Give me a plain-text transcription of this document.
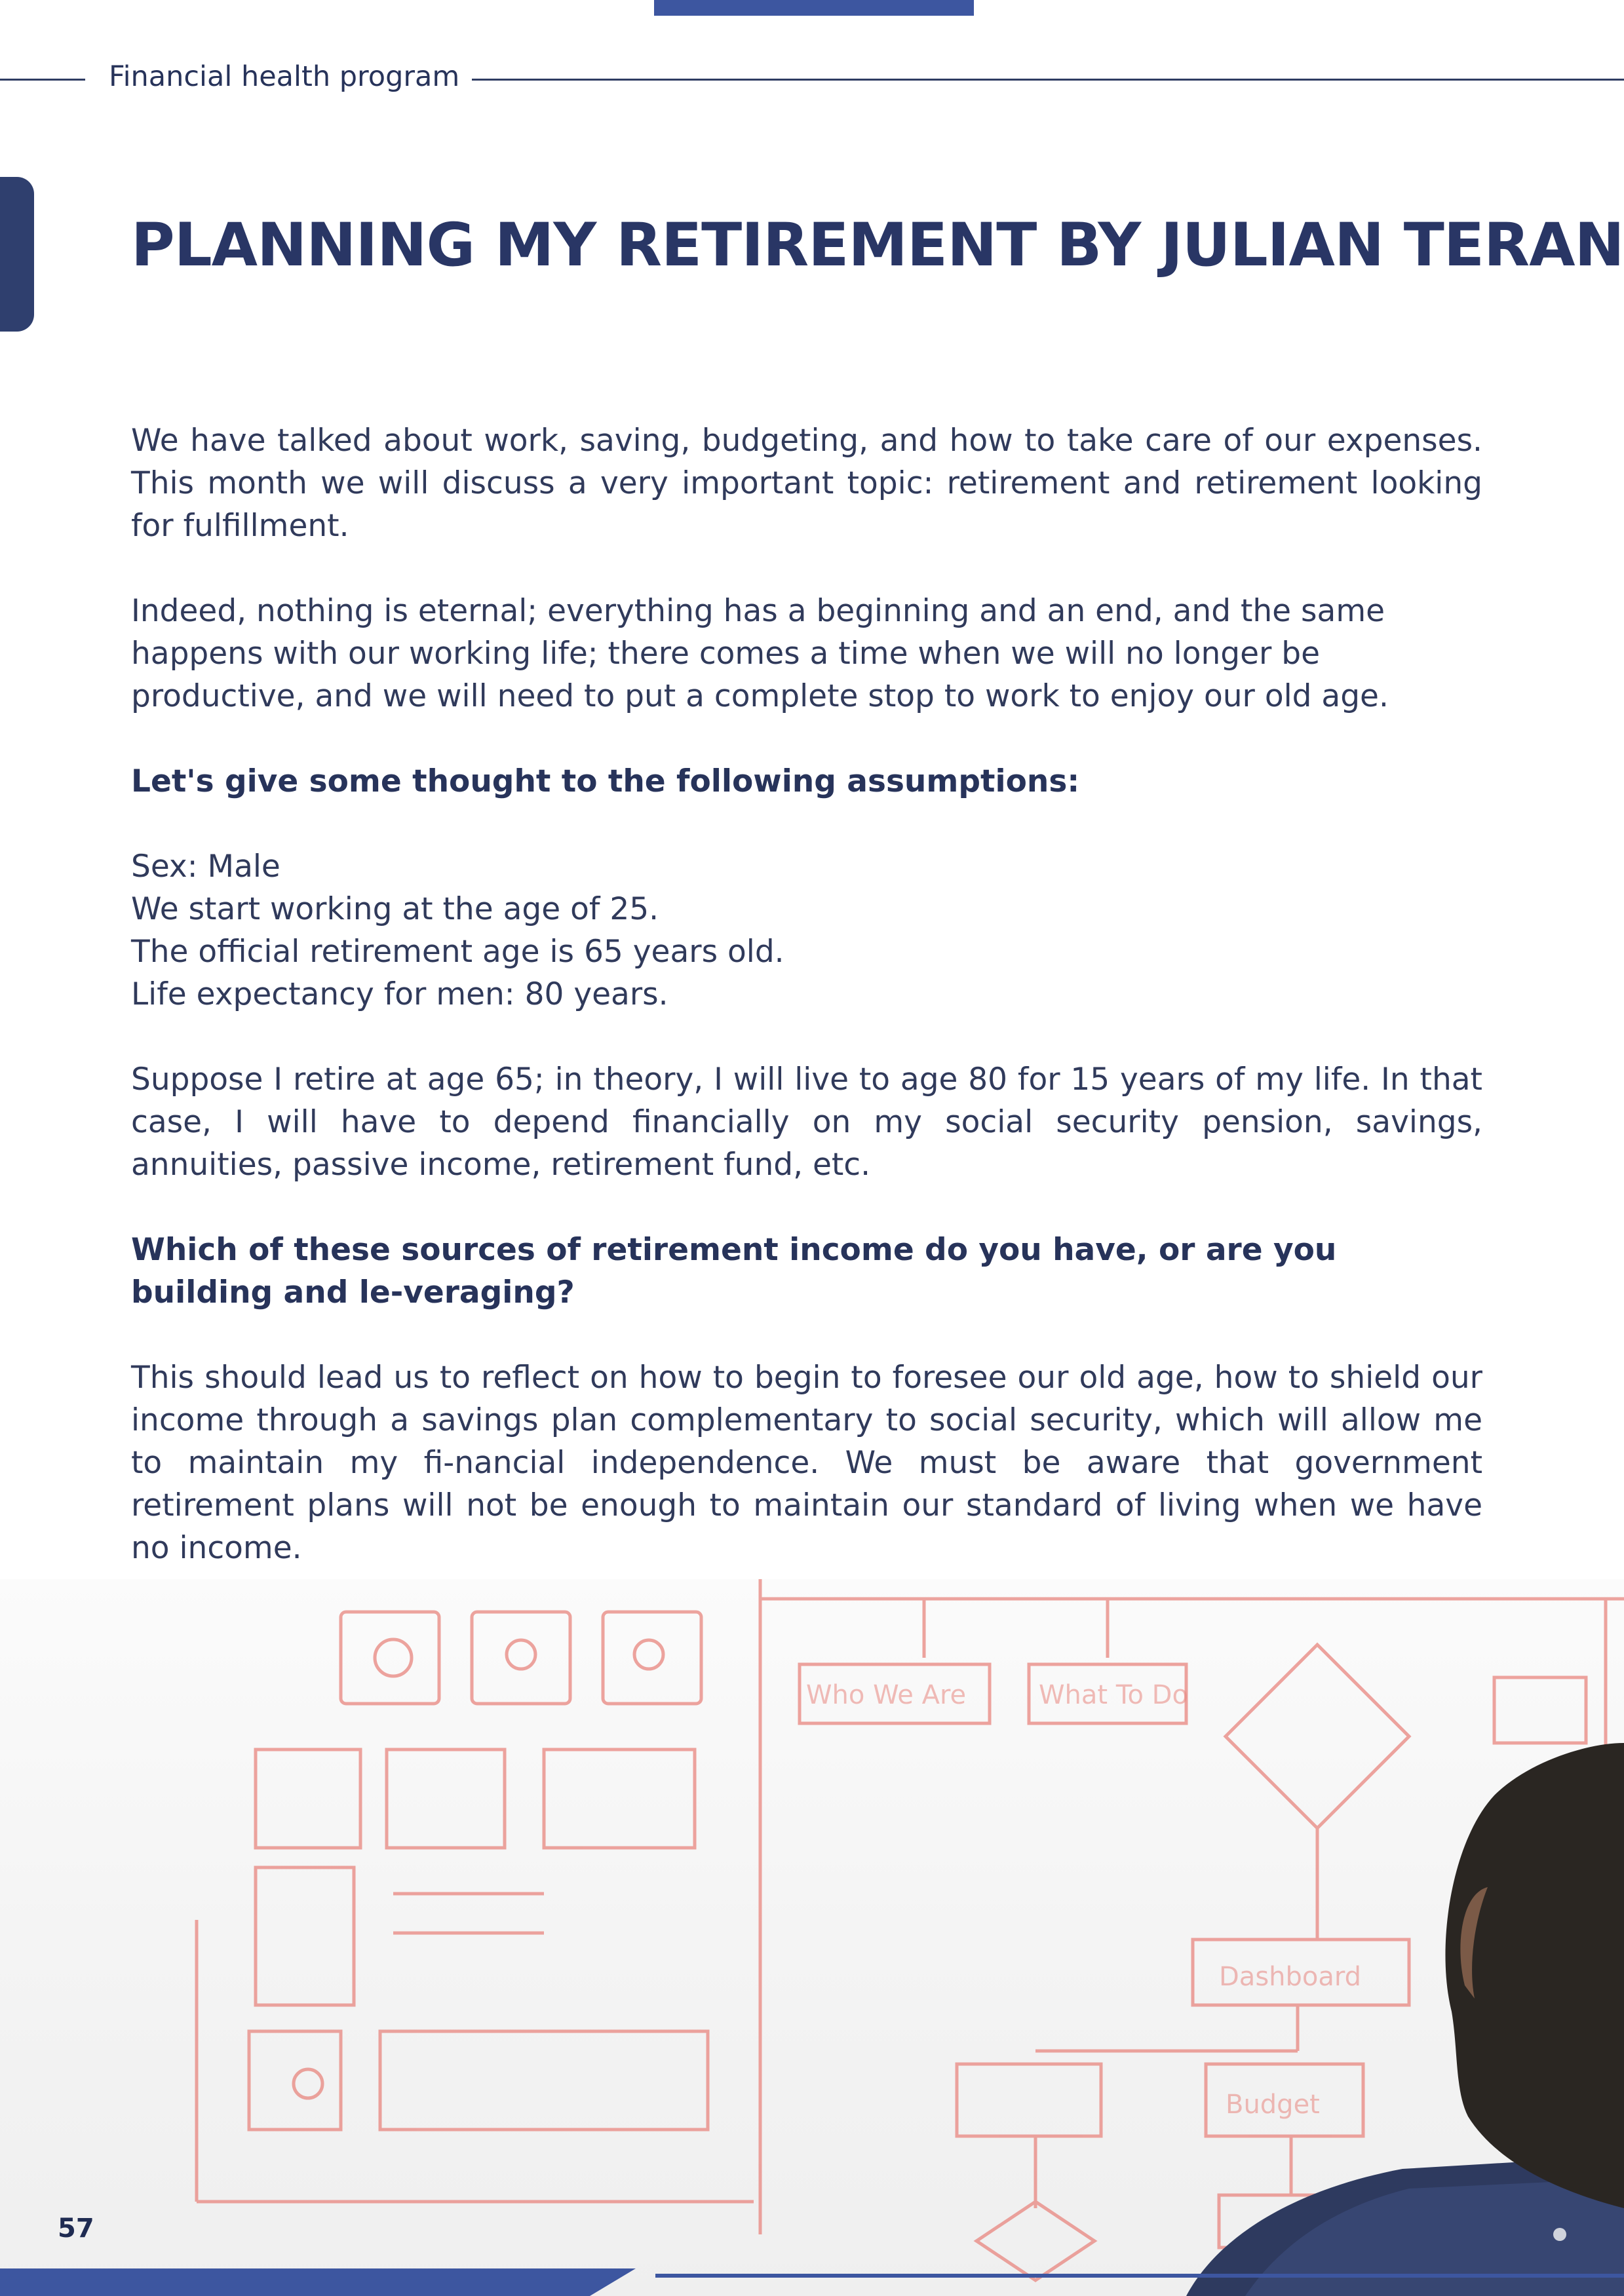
Financial health program
PLANNING MY RETIREMENT BY JULIAN TERAN

We have talked about work, saving, budgeting, and how to take care of our expenses. This month we will discuss a very important topic: retirement and retirement looking for fulfillment.

Indeed, nothing is eternal; everything has a beginning and an end, and the same happens with our working life; there comes a time when we will no longer be productive, and we will need to put a complete stop to work to enjoy our old age.

Let's give some thought to the following assumptions:

Sex: Male
We start working at the age of 25.
The official retirement age is 65 years old.
Life expectancy for men: 80 years.

Suppose I retire at age 65; in theory, I will live to age 80 for 15 years of my life. In that case, I will have to depend financially on my social security pension, savings, annuities, passive income, retirement fund, etc.

Which of these sources of retirement income do you have, or are you building and le-veraging?

This should lead us to reflect on how to begin to foresee our old age, how to shield our income through a savings plan complementary to social security, which will allow me to maintain my fi-nancial independence. We must be aware that government retirement plans will not be enough to maintain our standard of living when we have no income.

Dashboard
Budget
Who We Are	What To Do
57
